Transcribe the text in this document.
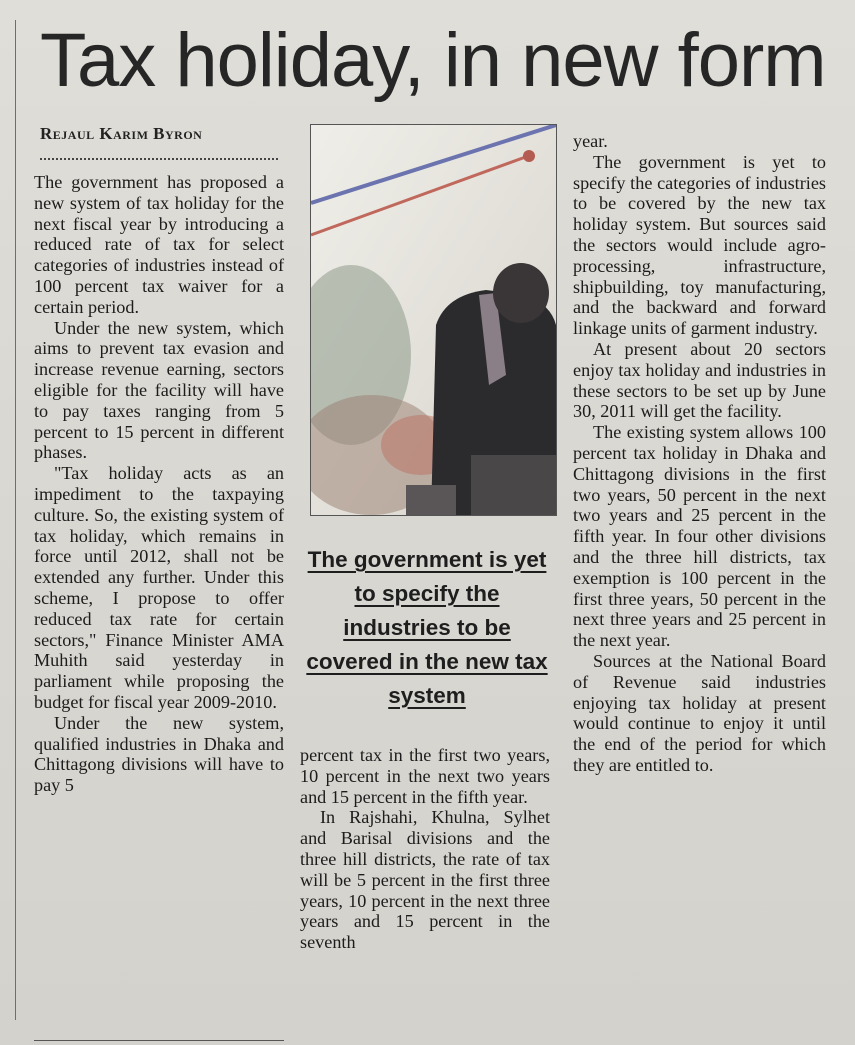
Tax holiday, in new form
Rejaul Karim Byron

The government has proposed a new system of tax holiday for the next fiscal year by introducing a reduced rate of tax for select categories of industries instead of 100 percent tax waiver for a certain period.

Under the new system, which aims to prevent tax evasion and increase revenue earning, sectors eligible for the facility will have to pay taxes ranging from 5 percent to 15 percent in different phases.

"Tax holiday acts as an impediment to the taxpaying culture. So, the existing system of tax holiday, which remains in force until 2012, shall not be extended any further. Under this scheme, I propose to offer reduced tax rate for certain sectors," Finance Minister AMA Muhith said yesterday in parliament while proposing the budget for fiscal year 2009-2010.

Under the new system, qualified industries in Dhaka and Chittagong divisions will have to pay 5

The government is yet to specify the industries to be covered in the new tax system

percent tax in the first two years, 10 percent in the next two years and 15 percent in the fifth year.

In Rajshahi, Khulna, Sylhet and Barisal divisions and the three hill districts, the rate of tax will be 5 percent in the first three years, 10 percent in the next three years and 15 percent in the seventh

year.

The government is yet to specify the categories of industries to be covered by the new tax holiday system. But sources said the sectors would include agro-processing, infrastructure, shipbuilding, toy manufacturing, and the backward and forward linkage units of garment industry.

At present about 20 sectors enjoy tax holiday and industries in these sectors to be set up by June 30, 2011 will get the facility.

The existing system allows 100 percent tax holiday in Dhaka and Chittagong divisions in the first two years, 50 percent in the next two years and 25 percent in the fifth year. In four other divisions and the three hill districts, tax exemption is 100 percent in the first three years, 50 percent in the next three years and 25 percent in the next year.

Sources at the National Board of Revenue said industries enjoying tax holiday at present would continue to enjoy it until the end of the period for which they are entitled to.
